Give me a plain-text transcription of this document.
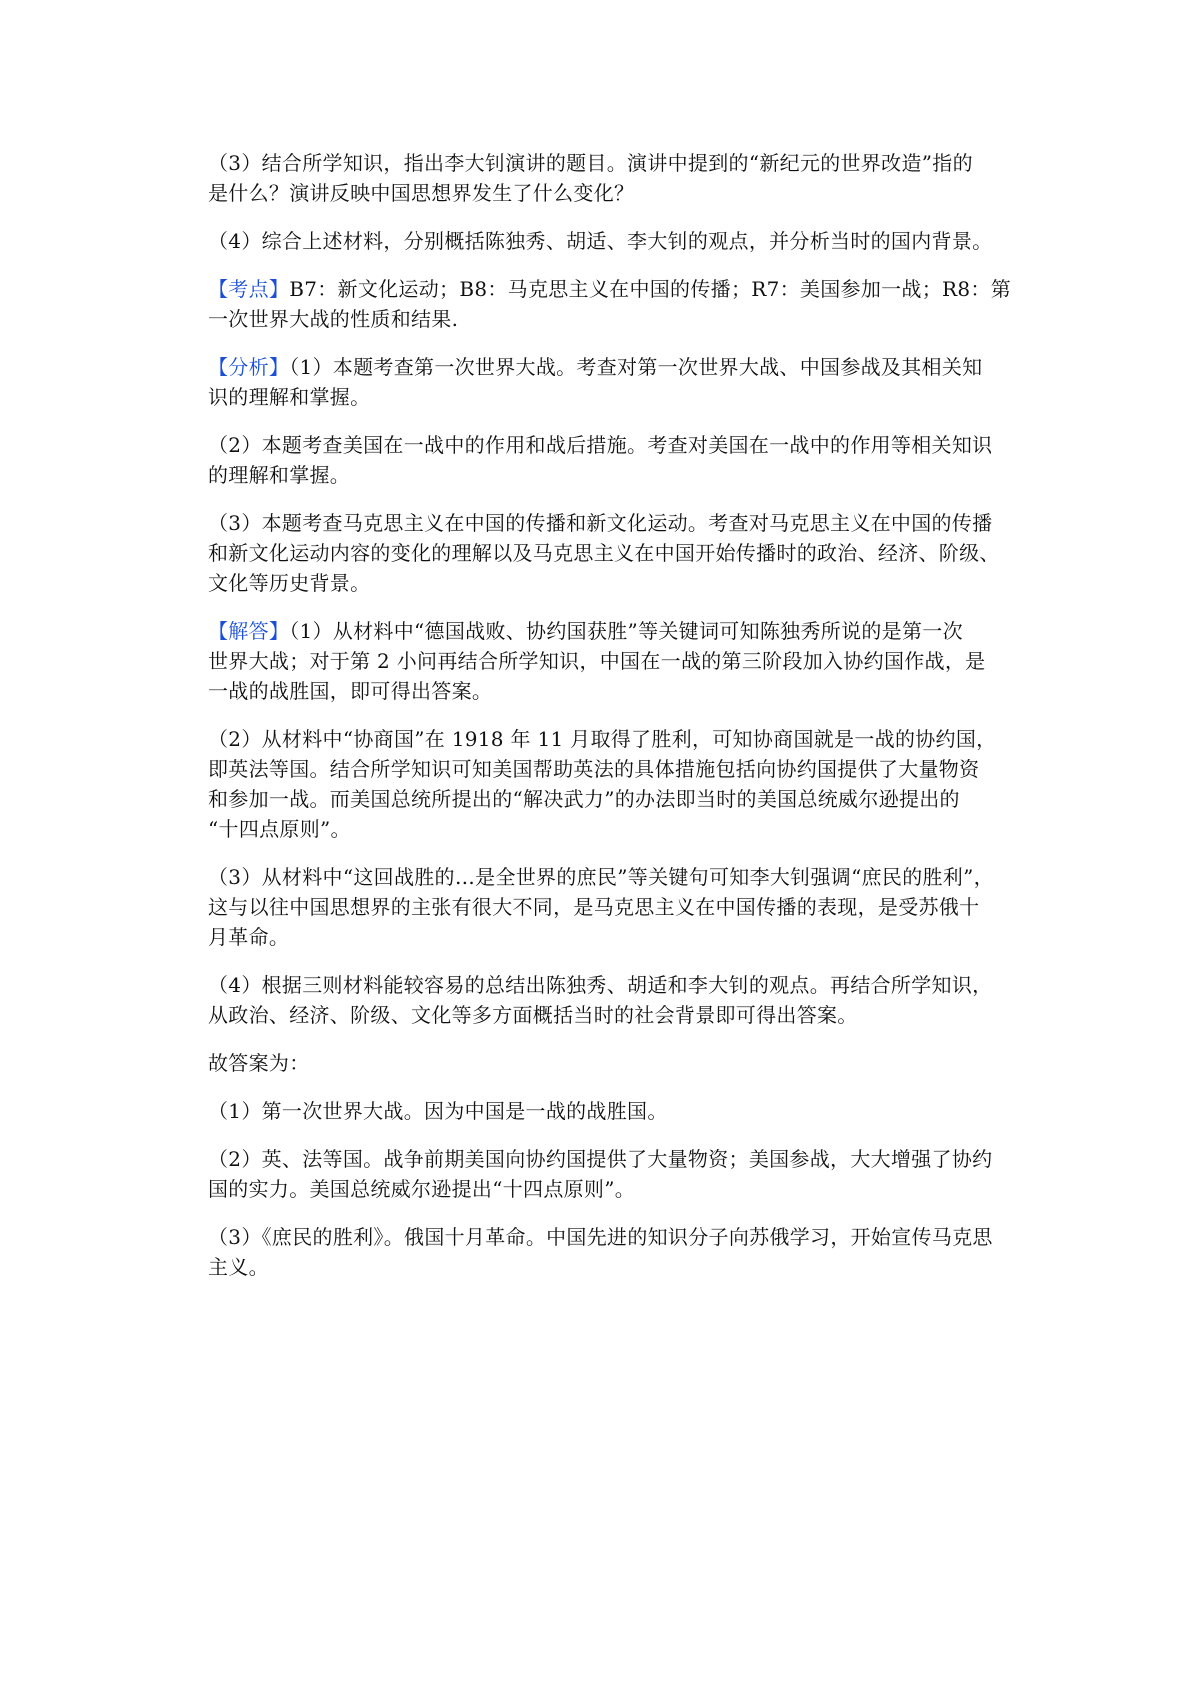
（3）结合所学知识，指出李大钊演讲的题目。演讲中提到的“新纪元的世界改造”指的
是什么？演讲反映中国思想界发生了什么变化？
（4）综合上述材料，分别概括陈独秀、胡适、李大钊的观点，并分析当时的国内背景。
【考点】B7：新文化运动；B8：马克思主义在中国的传播；R7：美国参加一战；R8：第
一次世界大战的性质和结果.
【分析】（1）本题考查第一次世界大战。考查对第一次世界大战、中国参战及其相关知
识的理解和掌握。
（2）本题考查美国在一战中的作用和战后措施。考查对美国在一战中的作用等相关知识
的理解和掌握。
（3）本题考查马克思主义在中国的传播和新文化运动。考查对马克思主义在中国的传播
和新文化运动内容的变化的理解以及马克思主义在中国开始传播时的政治、经济、阶级、
文化等历史背景。
【解答】（1）从材料中“德国战败、协约国获胜”等关键词可知陈独秀所说的是第一次
世界大战；对于第 2 小问再结合所学知识，中国在一战的第三阶段加入协约国作战，是
一战的战胜国，即可得出答案。
（2）从材料中“协商国”在 1918 年 11 月取得了胜利，可知协商国就是一战的协约国，
即英法等国。结合所学知识可知美国帮助英法的具体措施包括向协约国提供了大量物资
和参加一战。而美国总统所提出的“解决武力”的办法即当时的美国总统威尔逊提出的
“十四点原则”。
（3）从材料中“这回战胜的…是全世界的庶民”等关键句可知李大钊强调“庶民的胜利”，
这与以往中国思想界的主张有很大不同，是马克思主义在中国传播的表现，是受苏俄十
月革命。
（4）根据三则材料能较容易的总结出陈独秀、胡适和李大钊的观点。再结合所学知识，
从政治、经济、阶级、文化等多方面概括当时的社会背景即可得出答案。
故答案为：
（1）第一次世界大战。因为中国是一战的战胜国。
（2）英、法等国。战争前期美国向协约国提供了大量物资；美国参战，大大增强了协约
国的实力。美国总统威尔逊提出“十四点原则”。
（3）《庶民的胜利》。俄国十月革命。中国先进的知识分子向苏俄学习，开始宣传马克思
主义。
